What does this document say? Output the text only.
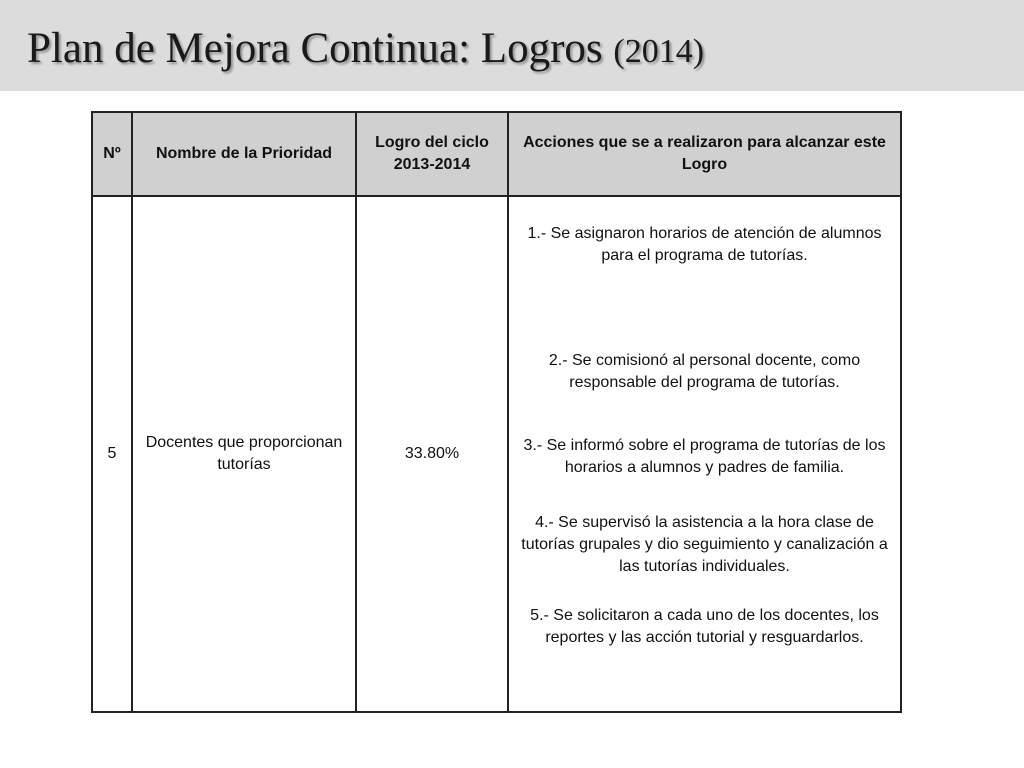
Plan de Mejora Continua: Logros (2014)
Nº	Nombre de la Prioridad	Logro del ciclo 2013-2014	Acciones que se a realizaron para alcanzar este Logro
5	Docentes que proporcionan tutorías	33.80%	1.- Se asignaron horarios de atención de alumnos para el programa de tutorías.
2.- Se comisionó al personal docente, como responsable del programa de tutorías.
3.- Se informó sobre el programa de tutorías de los horarios a alumnos y padres de familia.
4.- Se supervisó la asistencia a la hora clase de tutorías grupales y dio seguimiento y canalización a las tutorías individuales.
5.- Se solicitaron a cada uno de los docentes, los reportes y las acción tutorial y resguardarlos.
